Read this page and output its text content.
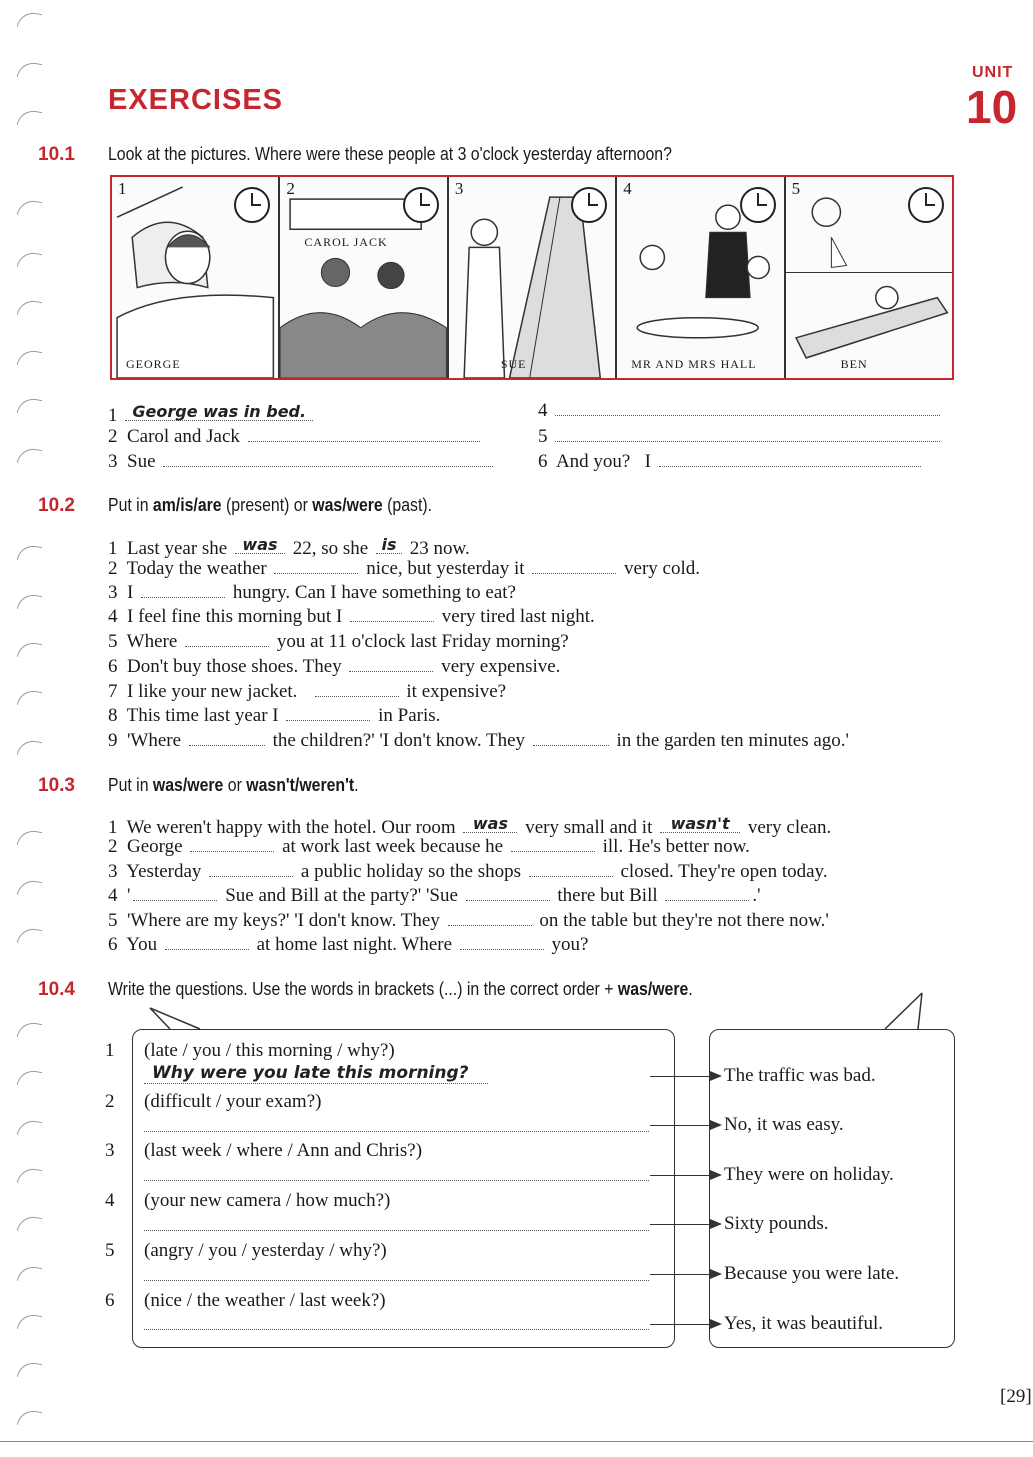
EXERCISES
UNIT
10
10.1 Look at the pictures. Where were these people at 3 o'clock yesterday afternoon?
1
GEORGE
2
CAROL JACK
3
SUE
4
MR AND MRS HALL
5
BEN
1 George was in bed.
2 Carol and Jack
3 Sue
4
5
6 And you? I
10.2 Put in am/is/are (present) or was/were (past).
1 Last year she was 22, so she is 23 now.
2 Today the weather	nice, but yesterday it	very cold.
3 I	hungry. Can I have something to eat?
4 I feel fine this morning but I	very tired last night.
5 Where	you at 11 o'clock last Friday morning?
6 Don't buy those shoes. They	very expensive.
7 I like your new jacket.	it expensive?
8 This time last year I	in Paris.
9 'Where	the children?' 'I don't know. They	in the garden ten minutes ago.'
10.3 Put in was/were or wasn't/weren't.
1 We weren't happy with the hotel. Our room	was very small and it	wasn't very clean.
2 George	at work last week because he	ill. He's better now.
3 Yesterday	a public holiday so the shops	closed. They're open today.
4 '	Sue and Bill at the party?' 'Sue	there but Bill	.'
5 'Where are my keys?' 'I don't know. They	on the table but they're not there now.'
6 You	at home last night. Where	you?
10.4 Write the questions. Use the words in brackets (...) in the correct order + was/were.
1 (late / you / this morning / why?)
Why were you late this morning?
2 (difficult / your exam?)
3 (last week / where / Ann and Chris?)
4 (your new camera / how much?)
5 (angry / you / yesterday / why?)
6 (nice / the weather / last week?)
The traffic was bad.
No, it was easy.
They were on holiday.
Sixty pounds.
Because you were late.
Yes, it was beautiful.
[29]
